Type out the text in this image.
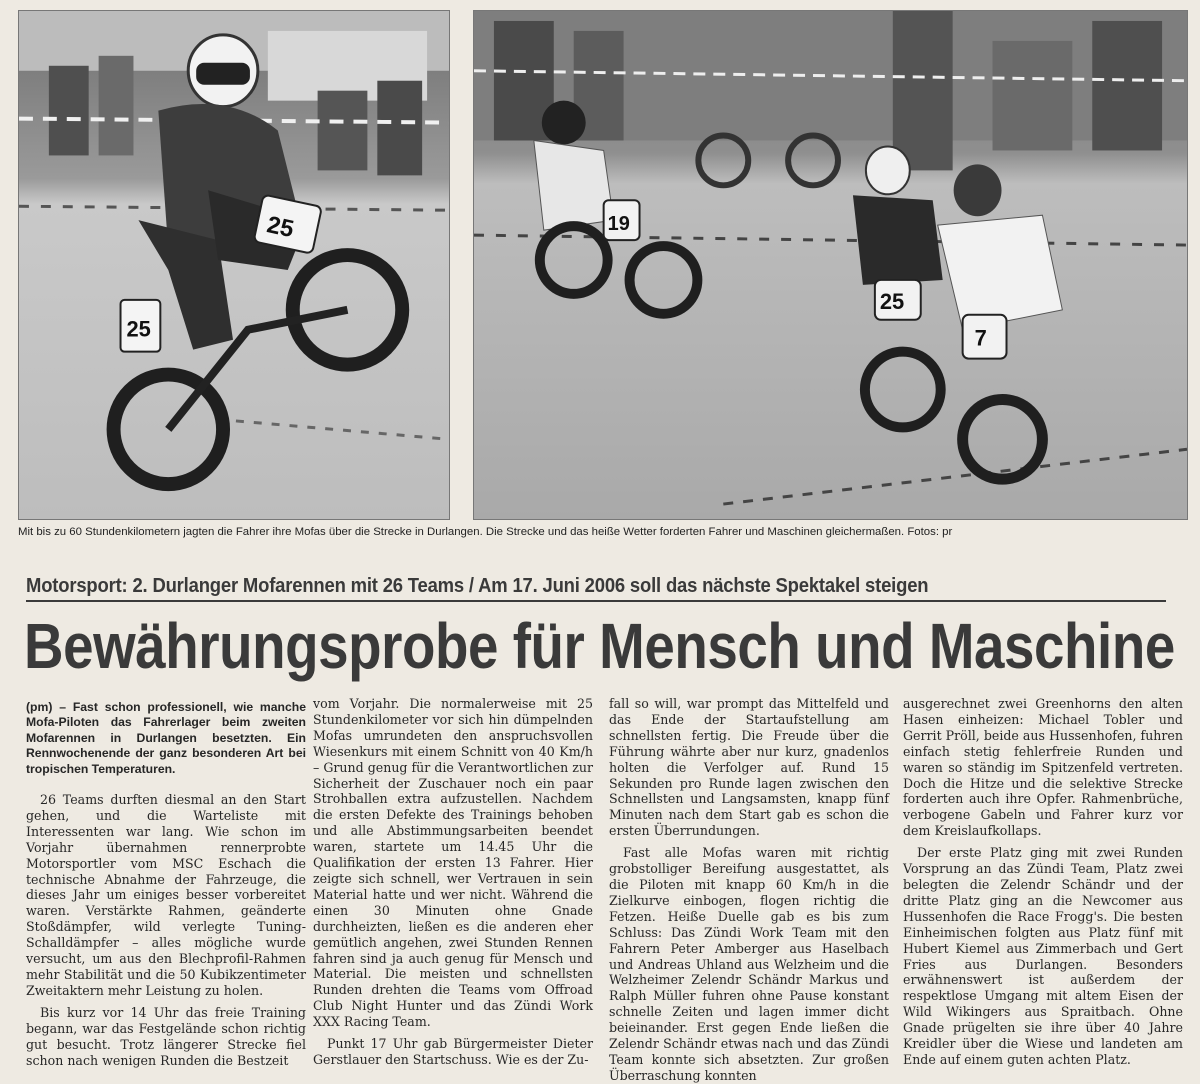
25
25
19
25
7
Mit bis zu 60 Stundenkilometern jagten die Fahrer ihre Mofas über die Strecke in Durlangen. Die Strecke und das heiße Wetter forderten Fahrer und Maschinen gleichermaßen. Fotos: pr
Motorsport: 2. Durlanger Mofarennen mit 26 Teams / Am 17. Juni 2006 soll das nächste Spektakel steigen
Bewährungsprobe für Mensch und Maschine

(pm) – Fast schon professionell, wie manche Mofa-Piloten das Fahrerlager beim zweiten Mofarennen in Durlangen besetzten. Ein Rennwochenende der ganz besonderen Art bei tropischen Temperaturen.

26 Teams durften diesmal an den Start gehen, und die Warteliste mit Interessenten war lang. Wie schon im Vorjahr übernahmen rennerprobte Motorsportler vom MSC Eschach die technische Abnahme der Fahrzeuge, die dieses Jahr um einiges besser vorbereitet waren. Verstärkte Rahmen, geänderte Stoßdämpfer, wild verlegte Tuning-Schalldämpfer – alles mögliche wurde versucht, um aus den Blechprofil-Rahmen mehr Stabilität und die 50 Kubikzentimeter Zweitaktern mehr Leistung zu holen.

Bis kurz vor 14 Uhr das freie Training begann, war das Festgelände schon richtig gut besucht. Trotz längerer Strecke fiel schon nach wenigen Runden die Bestzeit

vom Vorjahr. Die normalerweise mit 25 Stundenkilometer vor sich hin dümpelnden Mofas umrundeten den anspruchsvollen Wiesenkurs mit einem Schnitt von 40 Km/h – Grund genug für die Verantwortlichen zur Sicherheit der Zuschauer noch ein paar Strohballen extra aufzustellen. Nachdem die ersten Defekte des Trainings behoben und alle Abstimmungsarbeiten beendet waren, startete um 14.45 Uhr die Qualifikation der ersten 13 Fahrer. Hier zeigte sich schnell, wer Vertrauen in sein Material hatte und wer nicht. Während die einen 30 Minuten ohne Gnade durchheizten, ließen es die anderen eher gemütlich angehen, zwei Stunden Rennen fahren sind ja auch genug für Mensch und Material. Die meisten und schnellsten Runden drehten die Teams vom Offroad Club Night Hunter und das Zündi Work XXX Racing Team.

Punkt 17 Uhr gab Bürgermeister Dieter Gerstlauer den Startschuss. Wie es der Zu-

fall so will, war prompt das Mittelfeld und das Ende der Startaufstellung am schnellsten fertig. Die Freude über die Führung währte aber nur kurz, gnadenlos holten die Verfolger auf. Rund 15 Sekunden pro Runde lagen zwischen den Schnellsten und Langsamsten, knapp fünf Minuten nach dem Start gab es schon die ersten Überrundungen.

Fast alle Mofas waren mit richtig grobstolliger Bereifung ausgestattet, als die Piloten mit knapp 60 Km/h in die Zielkurve einbogen, flogen richtig die Fetzen. Heiße Duelle gab es bis zum Schluss: Das Zündi Work Team mit den Fahrern Peter Amberger aus Haselbach und Andreas Uhland aus Welzheim und die Welzheimer Zelendr Schändr Markus und Ralph Müller fuhren ohne Pause konstant schnelle Zeiten und lagen immer dicht beieinander. Erst gegen Ende ließen die Zelendr Schändr etwas nach und das Zündi Team konnte sich absetzten. Zur großen Überraschung konnten

ausgerechnet zwei Greenhorns den alten Hasen einheizen: Michael Tobler und Gerrit Pröll, beide aus Hussenhofen, fuhren einfach stetig fehlerfreie Runden und waren so ständig im Spitzenfeld vertreten. Doch die Hitze und die selektive Strecke forderten auch ihre Opfer. Rahmenbrüche, verbogene Gabeln und Fahrer kurz vor dem Kreislaufkollaps.

Der erste Platz ging mit zwei Runden Vorsprung an das Zündi Team, Platz zwei belegten die Zelendr Schändr und der dritte Platz ging an die Newcomer aus Hussenhofen die Race Frogg's. Die besten Einheimischen folgten aus Platz fünf mit Hubert Kiemel aus Zimmerbach und Gert Fries aus Durlangen. Besonders erwähnenswert ist außerdem der respektlose Umgang mit altem Eisen der Wild Wikingers aus Spraitbach. Ohne Gnade prügelten sie ihre über 40 Jahre Kreidler über die Wiese und landeten am Ende auf einem guten achten Platz.
